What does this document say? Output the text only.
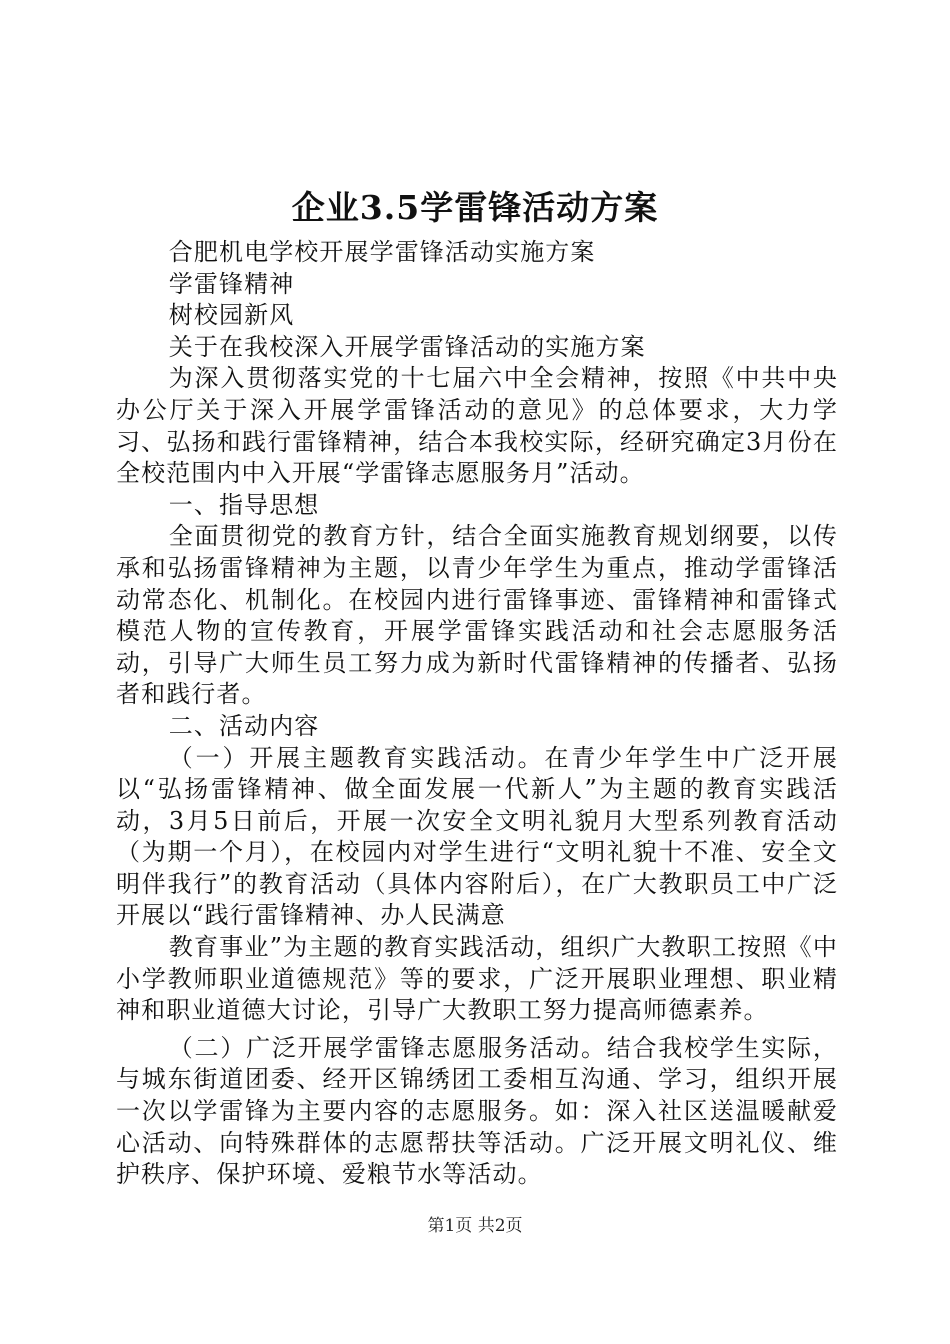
企业3.5学雷锋活动方案

合肥机电学校开展学雷锋活动实施方案

学雷锋精神

树校园新风

关于在我校深入开展学雷锋活动的实施方案

为深入贯彻落实党的十七届六中全会精神，按照《中共中央办公厅关于深入开展学雷锋活动的意见》的总体要求，大力学习、弘扬和践行雷锋精神，结合本我校实际，经研究确定3月份在全校范围内中入开展“学雷锋志愿服务月”活动。

一、指导思想

全面贯彻党的教育方针，结合全面实施教育规划纲要，以传承和弘扬雷锋精神为主题，以青少年学生为重点，推动学雷锋活动常态化、机制化。在校园内进行雷锋事迹、雷锋精神和雷锋式模范人物的宣传教育，开展学雷锋实践活动和社会志愿服务活动，引导广大师生员工努力成为新时代雷锋精神的传播者、弘扬者和践行者。

二、活动内容

（一）开展主题教育实践活动。在青少年学生中广泛开展以“弘扬雷锋精神、做全面发展一代新人”为主题的教育实践活动，3月5日前后，开展一次安全文明礼貌月大型系列教育活动（为期一个月），在校园内对学生进行“文明礼貌十不准、安全文明伴我行”的教育活动（具体内容附后），在广大教职员工中广泛开展以“践行雷锋精神、办人民满意

教育事业”为主题的教育实践活动，组织广大教职工按照《中小学教师职业道德规范》等的要求，广泛开展职业理想、职业精神和职业道德大讨论，引导广大教职工努力提高师德素养。

（二）广泛开展学雷锋志愿服务活动。结合我校学生实际，与城东街道团委、经开区锦绣团工委相互沟通、学习，组织开展一次以学雷锋为主要内容的志愿服务。如：深入社区送温暖献爱心活动、向特殊群体的志愿帮扶等活动。广泛开展文明礼仪、维护秩序、保护环境、爱粮节水等活动。

第1页 共2页
